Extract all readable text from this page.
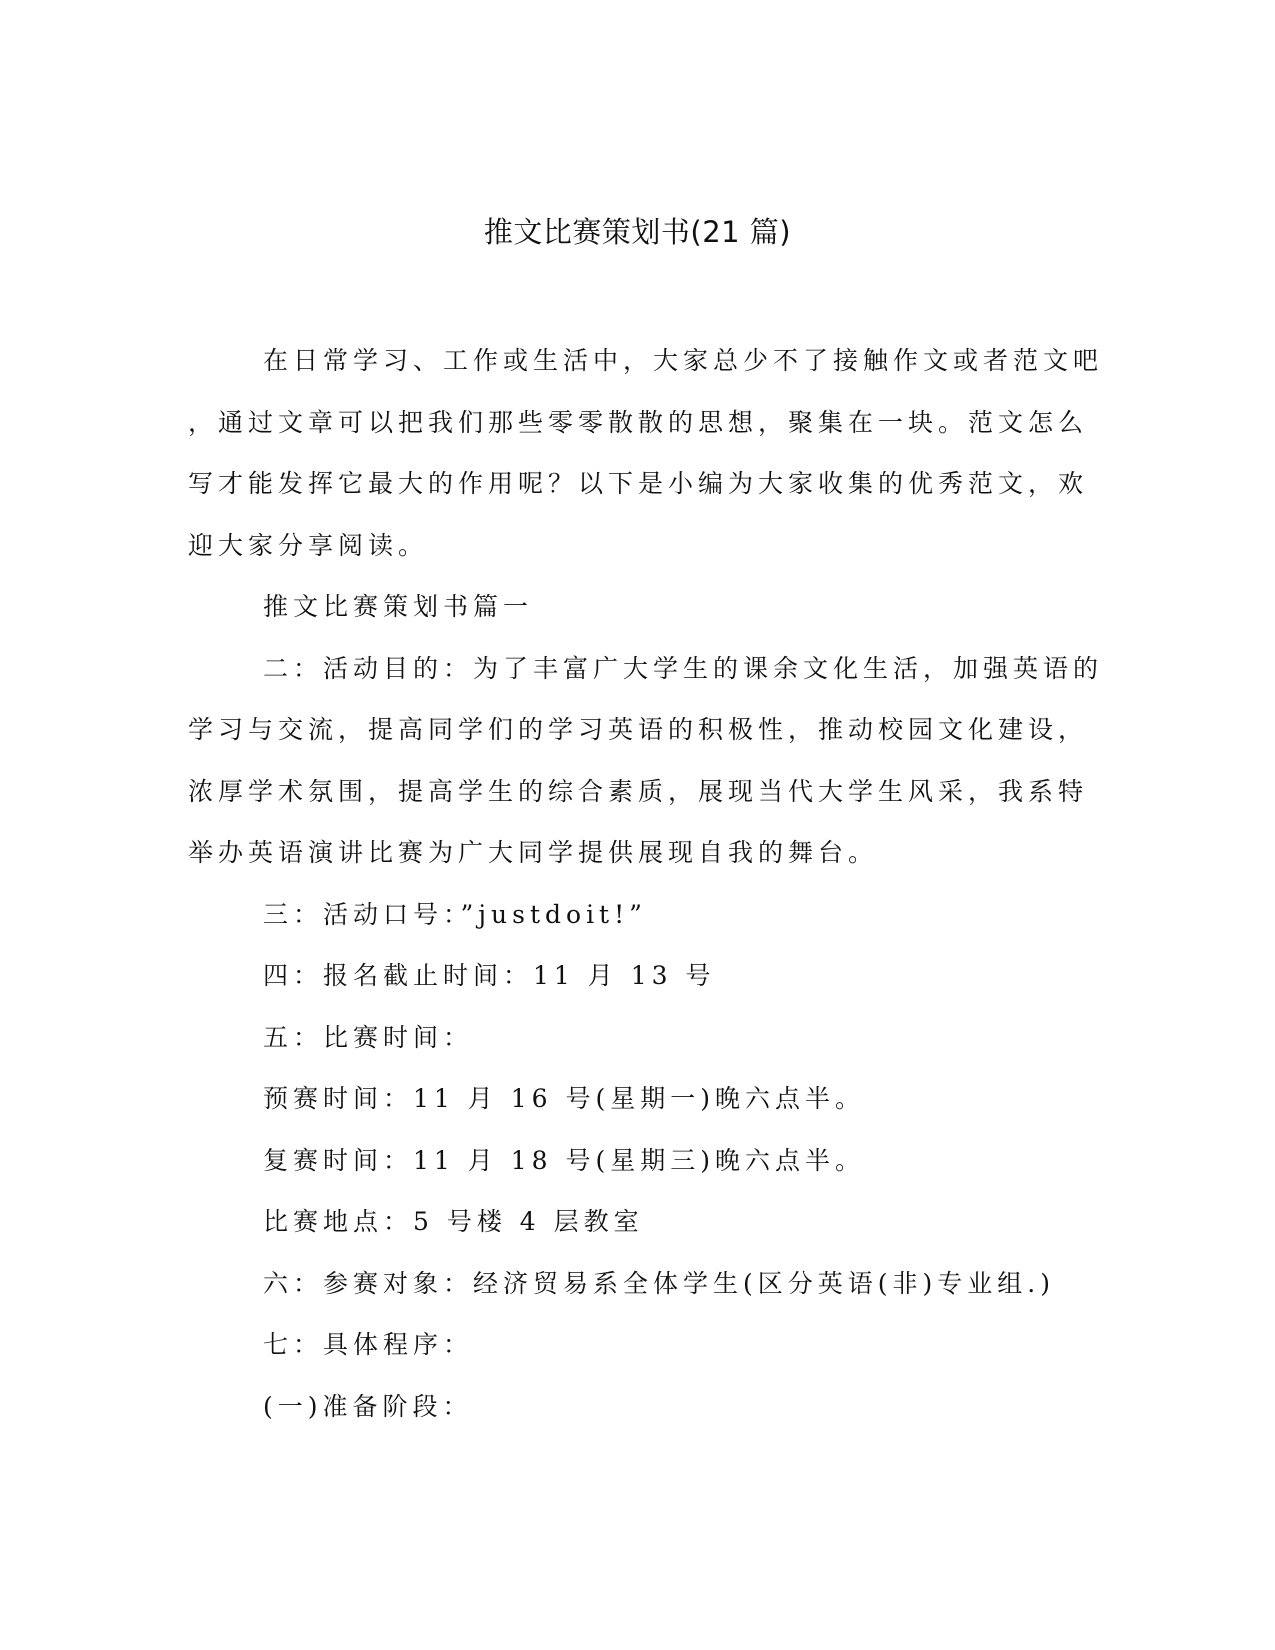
推文比赛策划书(21 篇)

在日常学习、工作或生活中，大家总少不了接触作文或者范文吧
，通过文章可以把我们那些零零散散的思想，聚集在一块。范文怎么
写才能发挥它最大的作用呢？以下是小编为大家收集的优秀范文，欢
迎大家分享阅读。

推文比赛策划书篇一

二：活动目的：为了丰富广大学生的课余文化生活，加强英语的
学习与交流，提高同学们的学习英语的积极性，推动校园文化建设，
浓厚学术氛围，提高学生的综合素质，展现当代大学生风采，我系特
举办英语演讲比赛为广大同学提供展现自我的舞台。

三：活动口号：”justdoit!”

四：报名截止时间：11 月 13 号

五：比赛时间：

预赛时间：11 月 16 号(星期一)晚六点半。

复赛时间：11 月 18 号(星期三)晚六点半。

比赛地点：5 号楼 4 层教室

六：参赛对象：经济贸易系全体学生(区分英语(非)专业组.)

七：具体程序：

(一)准备阶段：
